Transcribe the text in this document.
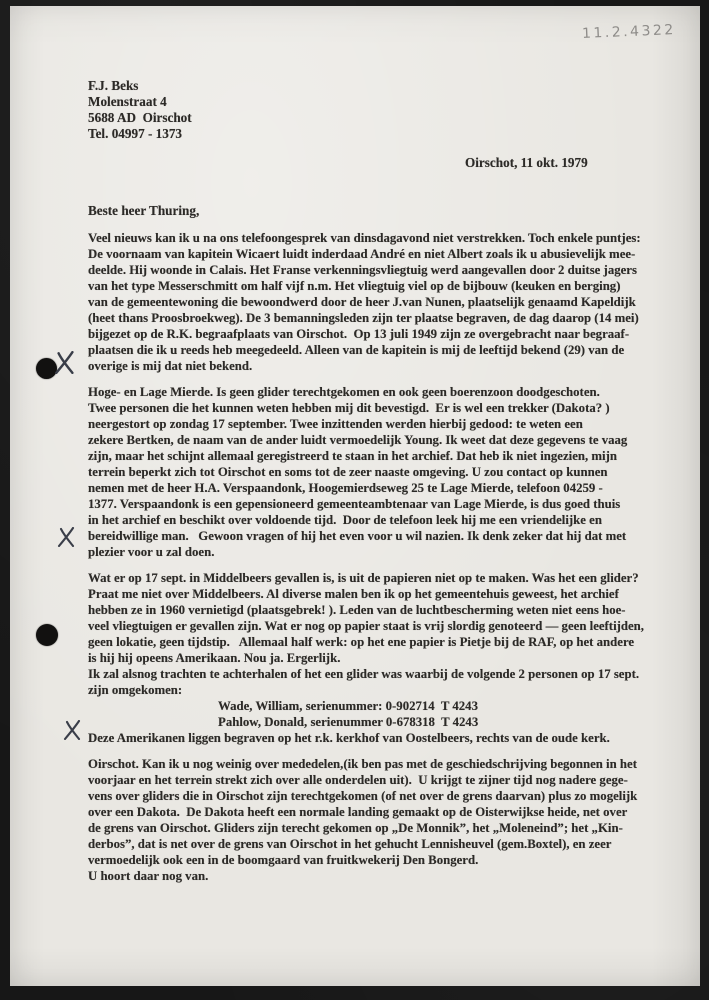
11.2.4322
F.J. Beks
Molenstraat 4
5688 AD  Oirschot
Tel. 04997 - 1373
Oirschot, 11 okt. 1979
Beste heer Thuring,
Veel nieuws kan ik u na ons telefoongesprek van dinsdagavond niet verstrekken. Toch enkele puntjes:
De voornaam van kapitein Wicaert luidt inderdaad André en niet Albert zoals ik u abusievelijk mee-
deelde. Hij woonde in Calais. Het Franse verkenningsvliegtuig werd aangevallen door 2 duitse jagers
van het type Messerschmitt om half vijf n.m. Het vliegtuig viel op de bijbouw (keuken en berging)
van de gemeentewoning die bewoondwerd door de heer J.van Nunen, plaatselijk genaamd Kapeldijk
(heet thans Proosbroekweg). De 3 bemanningsleden zijn ter plaatse begraven, de dag daarop (14 mei)
bijgezet op de R.K. begraafplaats van Oirschot.  Op 13 juli 1949 zijn ze overgebracht naar begraaf-
plaatsen die ik u reeds heb meegedeeld. Alleen van de kapitein is mij de leeftijd bekend (29) van de
overige is mij dat niet bekend.
Hoge- en Lage Mierde. Is geen glider terechtgekomen en ook geen boerenzoon doodgeschoten.
Twee personen die het kunnen weten hebben mij dit bevestigd.  Er is wel een trekker (Dakota? )
neergestort op zondag 17 september. Twee inzittenden werden hierbij gedood: te weten een
zekere Bertken, de naam van de ander luidt vermoedelijk Young. Ik weet dat deze gegevens te vaag
zijn, maar het schijnt allemaal geregistreerd te staan in het archief. Dat heb ik niet ingezien, mijn
terrein beperkt zich tot Oirschot en soms tot de zeer naaste omgeving. U zou contact op kunnen
nemen met de heer H.A. Verspaandonk, Hoogemierdseweg 25 te Lage Mierde, telefoon 04259 -
1377. Verspaandonk is een gepensioneerd gemeenteambtenaar van Lage Mierde, is dus goed thuis
in het archief en beschikt over voldoende tijd.  Door de telefoon leek hij me een vriendelijke en
bereidwillige man.   Gewoon vragen of hij het even voor u wil nazien. Ik denk zeker dat hij dat met
plezier voor u zal doen.
Wat er op 17 sept. in Middelbeers gevallen is, is uit de papieren niet op te maken. Was het een glider?
Praat me niet over Middelbeers. Al diverse malen ben ik op het gemeentehuis geweest, het archief
hebben ze in 1960 vernietigd (plaatsgebrek! ). Leden van de luchtbescherming weten niet eens hoe-
veel vliegtuigen er gevallen zijn. Wat er nog op papier staat is vrij slordig genoteerd — geen leeftijden,
geen lokatie, geen tijdstip.   Allemaal half werk: op het ene papier is Pietje bij de RAF, op het andere
is hij hij opeens Amerikaan. Nou ja. Ergerlijk.
Ik zal alsnog trachten te achterhalen of het een glider was waarbij de volgende 2 personen op 17 sept.
zijn omgekomen:
Wade, William, serienummer: 0-902714  T 4243
Pahlow, Donald, serienummer 0-678318  T 4243
Deze Amerikanen liggen begraven op het r.k. kerkhof van Oostelbeers, rechts van de oude kerk.
Oirschot. Kan ik u nog weinig over mededelen,(ik ben pas met de geschiedschrijving begonnen in het
voorjaar en het terrein strekt zich over alle onderdelen uit).  U krijgt te zijner tijd nog nadere gege-
vens over gliders die in Oirschot zijn terechtgekomen (of net over de grens daarvan) plus zo mogelijk
over een Dakota.  De Dakota heeft een normale landing gemaakt op de Oisterwijkse heide, net over
de grens van Oirschot. Gliders zijn terecht gekomen op „De Monnik”, het „Moleneind”; het „Kin-
derbos”, dat is net over de grens van Oirschot in het gehucht Lennisheuvel (gem.Boxtel), en zeer
vermoedelijk ook een in de boomgaard van fruitkwekerij Den Bongerd.
U hoort daar nog van.
